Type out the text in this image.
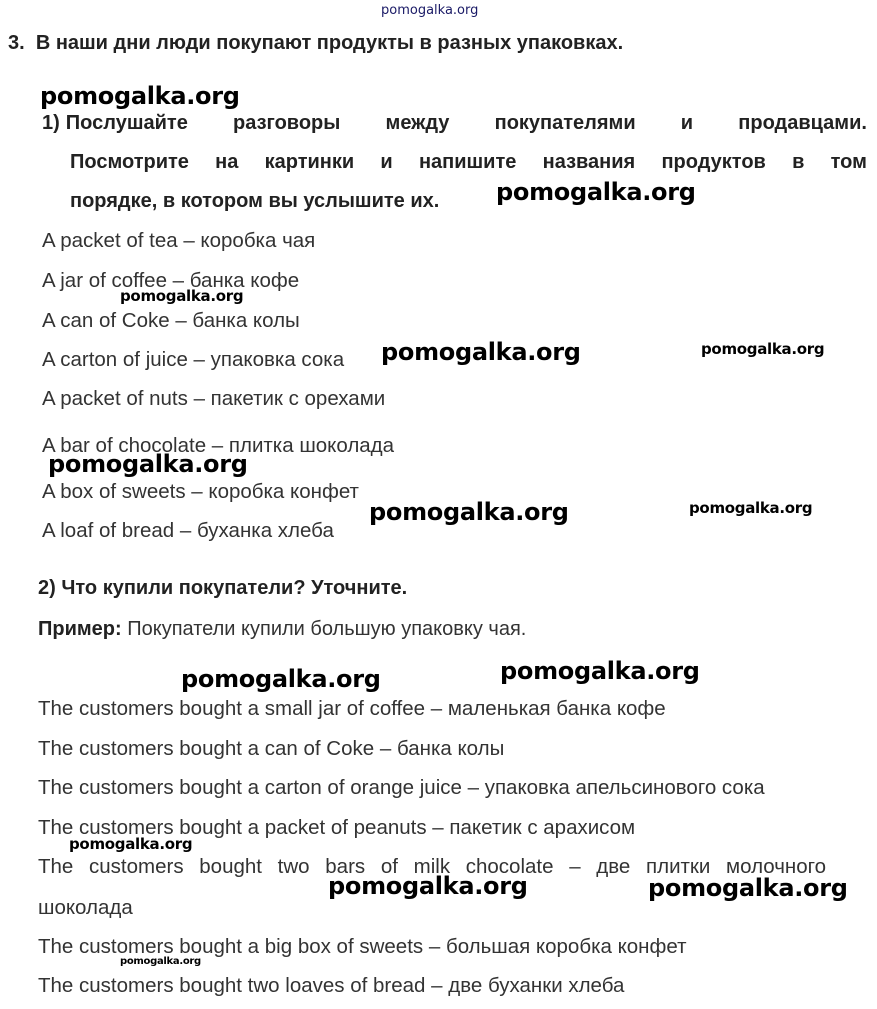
pomogalka.org
3. В наши дни люди покупают продукты в разных упаковках.
1) Послушайте разговоры между покупателями и продавцами.
Посмотрите на картинки и напишите названия продуктов в том
порядке, в котором вы услышите их.
A packet of tea – коробка чая
A jar of coffee – банка кофе
A can of Coke – банка колы
A carton of juice – упаковка сока
A packet of nuts – пакетик с орехами
A bar of chocolate – плитка шоколада
A box of sweets – коробка конфет
A loaf of bread – буханка хлеба
2) Что купили покупатели? Уточните.
Пример: Покупатели купили большую упаковку чая.
The customers bought a small jar of coffee – маленькая банка кофе
The customers bought a can of Coke – банка колы
The customers bought a carton of orange juice – упаковка апельсинового сока
The customers bought a packet of peanuts – пакетик с арахисом
The customers bought two bars of milk chocolate – две плитки молочного
шоколада
The customers bought a big box of sweets – большая коробка конфет
The customers bought two loaves of bread – две буханки хлеба
pomogalka.org
pomogalka.org
pomogalka.org
pomogalka.org	pomogalka.org
pomogalka.org
pomogalka.org	pomogalka.org
pomogalka.org
pomogalka.org
pomogalka.org
pomogalka.org	pomogalka.org
pomogalka.org
